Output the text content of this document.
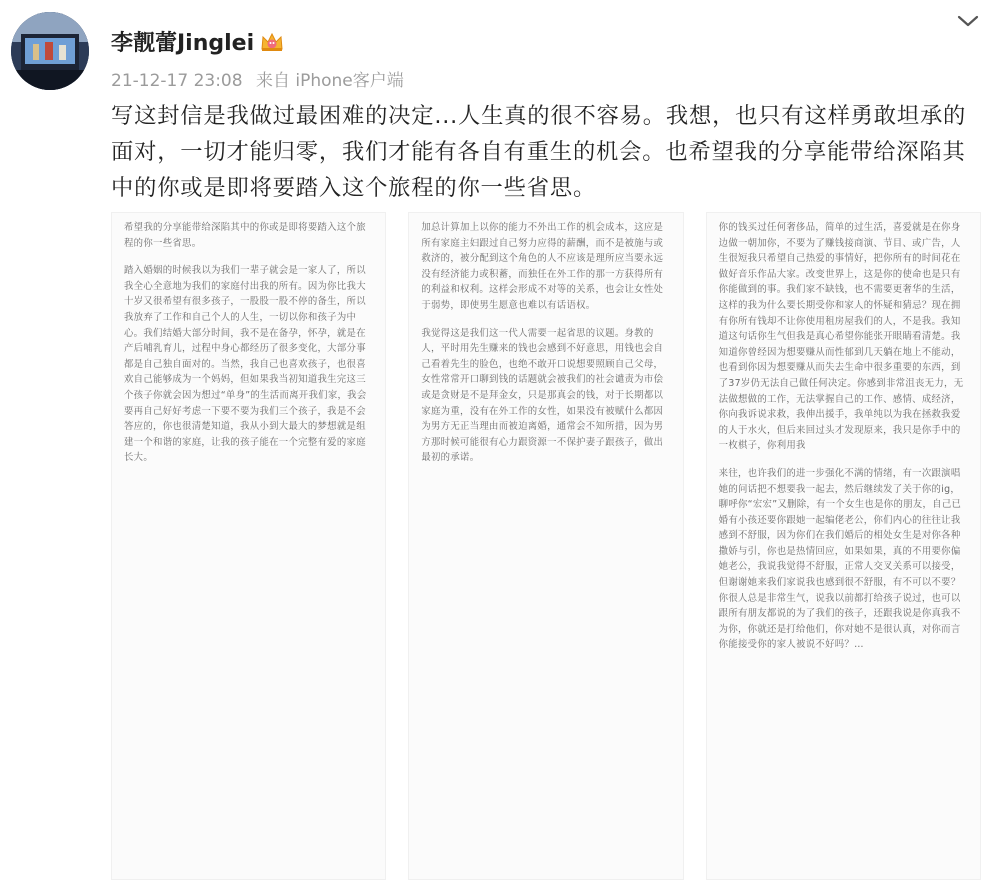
李靓蕾Jinglei
21-12-17 23:08 来自 iPhone客户端
写这封信是我做过最困难的决定...人生真的很不容易。我想，也只有这样勇敢坦承的面对，一切才能归零，我们才能有各自有重生的机会。也希望我的分享能带给深陷其中的你或是即将要踏入这个旅程的你一些省思。

希望我的分享能带给深陷其中的你或是即将要踏入这个旅程的你一些省思。

踏入婚姻的时候我以为我们一辈子就会是一家人了，所以我全心全意地为我们的家庭付出我的所有。因为你比我大十岁又很希望有很多孩子，一股股一股不停的备生，所以我放弃了工作和自己个人的人生，一切以你和孩子为中心。我们结婚大部分时间，我不是在备孕，怀孕，就是在产后哺乳育儿，过程中身心都经历了很多变化，大部分事都是自己独自面对的。当然，我自己也喜欢孩子，也很喜欢自己能够成为一个妈妈，但如果我当初知道我生完这三个孩子你就会因为想过“单身”的生活而离开我们家，我会要再自己好好考虑一下要不要为我们三个孩子，我是不会答应的，你也很清楚知道，我从小到大最大的梦想就是组建一个和谐的家庭，让我的孩子能在一个完整有爱的家庭长大。

加总计算加上以你的能力不外出工作的机会成本，这应是所有家庭主妇跟过自己努力应得的薪酬，而不是被施与或救济的，被分配到这个角色的人不应该是理所应当要永远没有经济能力或积蓄，而独任在外工作的那一方获得所有的利益和权利。这样会形成不对等的关系，也会让女性处于弱势，即使男生愿意也难以有话语权。

我觉得这是我们这一代人需要一起省思的议题。身教的人，平时用先生赚来的钱也会感到不好意思，用钱也会自己看着先生的脸色，也绝不敢开口说想要照顾自己父母，女性常常开口聊到钱的话题就会被我们的社会谴责为市侩或是贪财是不是拜金女，只是那真会的钱，对于长期都以家庭为重，没有在外工作的女性，如果没有被赋什么都因为男方无正当理由而被迫离婚，通常会不知所措，因为男方那时候可能很有心力跟资源一不保护妻子跟孩子，做出最初的承诺。

你的钱买过任何奢侈品，简单的过生活，喜爱就是在你身边做一朝加你，不要为了赚钱接商演、节目、或广告，人生很短我只希望自己热爱的事情好，把你所有的时间花在做好音乐作品大家。改变世界上，这是你的使命也是只有你能做到的事。我们家不缺钱，也不需要更奢华的生活，这样的我为什么要长期受你和家人的怀疑和猜忌？现在拥有你所有钱却不让你使用租房屋我们的人，不是我。我知道这句话你生气但我是真心希望你能张开眼睛看清楚。我知道你曾经因为想要赚从而性郁到几天躺在地上不能动，也看到你因为想要赚从而失去生命中很多重要的东西，到了37岁仍无法自己做任何决定。你感到非常沮丧无力，无法做想做的工作，无法掌握自己的工作、感情、成经济，你向我诉说求救，我伸出援手，我单纯以为我在拯救我爱的人于水火，但后来回过头才发现原来，我只是你手中的一枚棋子，你利用我

来往，也许我们的进一步强化不满的情绪，有一次跟演唱她的问话把不想要我一起去，然后继续发了关于你的ig，聊呼你“宏宏”又删除，有一个女生也是你的朋友，自己已婚有小孩还要你跟她一起编佬老公，你们内心的往往让我感到不舒服，因为你们在我们婚后的相处女生是对你各种撒娇与引，你也是热情回应，如果如果，真的不用要你偏她老公，我说我觉得不舒服，正常人交叉关系可以接受，但谢谢她来我们家说我也感到很不舒服，有不可以不要？你很人总是非常生气，说我以前都打给孩子说过，也可以跟所有朋友都说的为了我们的孩子，还跟我说是你真我不为你，你就还是打给他们，你对她不是很认真，对你而言你能接受你的家人被说不好吗？…
